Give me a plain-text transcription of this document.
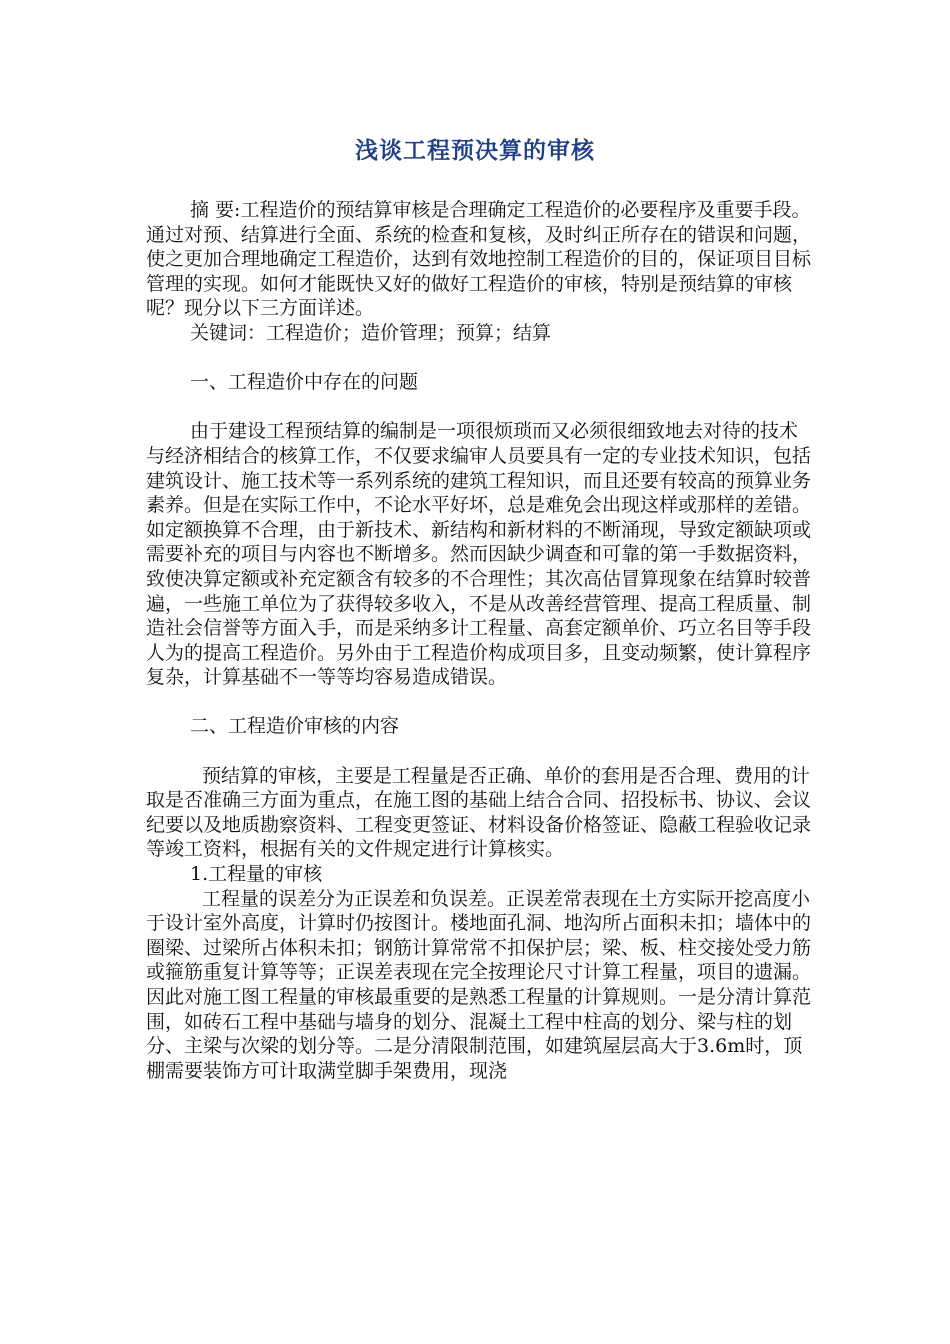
浅谈工程预决算的审核

摘 要:工程造价的预结算审核是合理确定工程造价的必要程序及重要手段。通过对预、结算进行全面、系统的检查和复核，及时纠正所存在的错误和问题，使之更加合理地确定工程造价，达到有效地控制工程造价的目的，保证项目目标管理的实现。如何才能既快又好的做好工程造价的审核，特别是预结算的审核呢？现分以下三方面详述。

关键词：工程造价；造价管理；预算；结算

一、工程造价中存在的问题

由于建设工程预结算的编制是一项很烦琐而又必须很细致地去对待的技术与经济相结合的核算工作，不仅要求编审人员要具有一定的专业技术知识，包括建筑设计、施工技术等一系列系统的建筑工程知识，而且还要有较高的预算业务素养。但是在实际工作中，不论水平好坏，总是难免会出现这样或那样的差错。如定额换算不合理，由于新技术、新结构和新材料的不断涌现，导致定额缺项或需要补充的项目与内容也不断增多。然而因缺少调查和可靠的第一手数据资料，致使决算定额或补充定额含有较多的不合理性；其次高估冒算现象在结算时较普遍，一些施工单位为了获得较多收入，不是从改善经营管理、提高工程质量、制造社会信誉等方面入手，而是采纳多计工程量、高套定额单价、巧立名目等手段人为的提高工程造价。另外由于工程造价构成项目多，且变动频繁，使计算程序复杂，计算基础不一等等均容易造成错误。

二、工程造价审核的内容

预结算的审核，主要是工程量是否正确、单价的套用是否合理、费用的计取是否准确三方面为重点，在施工图的基础上结合合同、招投标书、协议、会议纪要以及地质勘察资料、工程变更签证、材料设备价格签证、隐蔽工程验收记录等竣工资料，根据有关的文件规定进行计算核实。

1.工程量的审核

工程量的误差分为正误差和负误差。正误差常表现在土方实际开挖高度小于设计室外高度，计算时仍按图计。楼地面孔洞、地沟所占面积未扣；墙体中的圈梁、过梁所占体积未扣；钢筋计算常常不扣保护层；梁、板、柱交接处受力筋或箍筋重复计算等等；正误差表现在完全按理论尺寸计算工程量，项目的遗漏。因此对施工图工程量的审核最重要的是熟悉工程量的计算规则。一是分清计算范围，如砖石工程中基础与墙身的划分、混凝土工程中柱高的划分、梁与柱的划分、主梁与次梁的划分等。二是分清限制范围，如建筑屋层高大于3.6m时，顶棚需要装饰方可计取满堂脚手架费用，现浇
